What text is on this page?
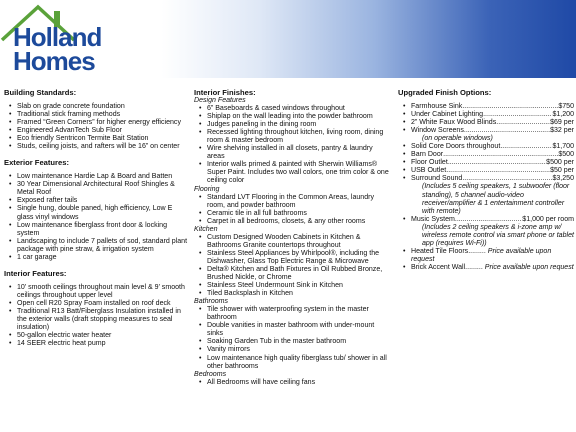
Holland
Homes
Building Standards:
• Slab on grade concrete foundation
• Traditional stick framing methods
• Framed “Green Corners” for higher energy efficiency
• Engineered AdvanTech Sub Floor
• Eco friendly Sentricon Termite Bait Station
• Studs, ceiling joists, and rafters will be 16” on center
Exterior Features:
• Low maintenance Hardie Lap & Board and Batten
• 30 Year Dimensional Architectural Roof Shingles & Metal Roof
• Exposed rafter tails
• Single hung, double paned, high efficiency, Low E glass vinyl windows
• Low maintenance fiberglass front door & locking system
• Landscaping to include 7 pallets of sod, standard plant package with pine straw, & irrigation system
• 1 car garage
Interior Features:
• 10’ smooth ceilings throughout main level & 9’ smooth ceilings throughout upper level
• Open cell R20 Spray Foam installed on roof deck
• Traditional R13 Batt/Fiberglass Insulation installed in the exterior walls (draft stopping measures to seal insulation)
• 50-gallon electric water heater
• 14 SEER electric heat pump
Interior Finishes:
Design Features
• 6” Baseboards & cased windows throughout
• Shiplap on the wall leading into the powder bathroom
• Judges paneling in the dining room
• Recessed lighting throughout kitchen, living room, dining room & master bedroom
• Wire shelving installed in all closets, pantry & laundry areas
• Interior walls primed & painted with Sherwin Williams® Super Paint. Includes two wall colors, one trim color & one ceiling color
Flooring
• Standard LVT Flooring in the Common Areas, laundry room, and powder bathroom
• Ceramic tile in all full bathrooms
• Carpet in all bedrooms, closets, & any other rooms
Kitchen
• Custom Designed Wooden Cabinets in Kitchen & Bathrooms Granite countertops throughout
• Stainless Steel Appliances by Whirlpool®, including the Dishwasher, Glass Top Electric Range & Microwave
• Delta® Kitchen and Bath Fixtures in Oil Rubbed Bronze, Brushed Nickle, or Chrome
• Stainless Steel Undermount Sink in Kitchen
• Tiled Backsplash in Kitchen
Bathrooms
• Tile shower with waterproofing system in the master bathroom
• Double vanities in master bathroom with under-mount sinks
• Soaking Garden Tub in the master bathroom
• Vanity mirrors
• Low maintenance high quality fiberglass tub/ shower in all other bathrooms
Bedrooms
• All Bedrooms will have ceiling fans
Upgraded Finish Options:
• Farmhouse Sink .....	$750
• Under Cabinet Lighting .....	$1,200
• 2” White Faux Wood Blinds .....	$69 per
• Window Screens .....	$32 per
(on operable windows)
• Solid Core Doors throughout .....	$1,700
• Barn Door .....	$500
• Floor Outlet .....	$500 per
• USB Outlet .....	$50 per
• Surround Sound .....	$3,250
(Includes 5 ceiling speakers, 1 subwoofer (floor standing), 5 channel audio-video receiver/amplifier & 1 entertainment controller with remote)
• Music System .....	$1,000 per room
(Includes 2 ceiling speakers & i-zone amp w/ wireless remote control via smart phone or tablet app (requires Wi-Fi))
• Heated Tile Floors......... Price available upon request
• Brick Accent Wall......... Price available upon request
